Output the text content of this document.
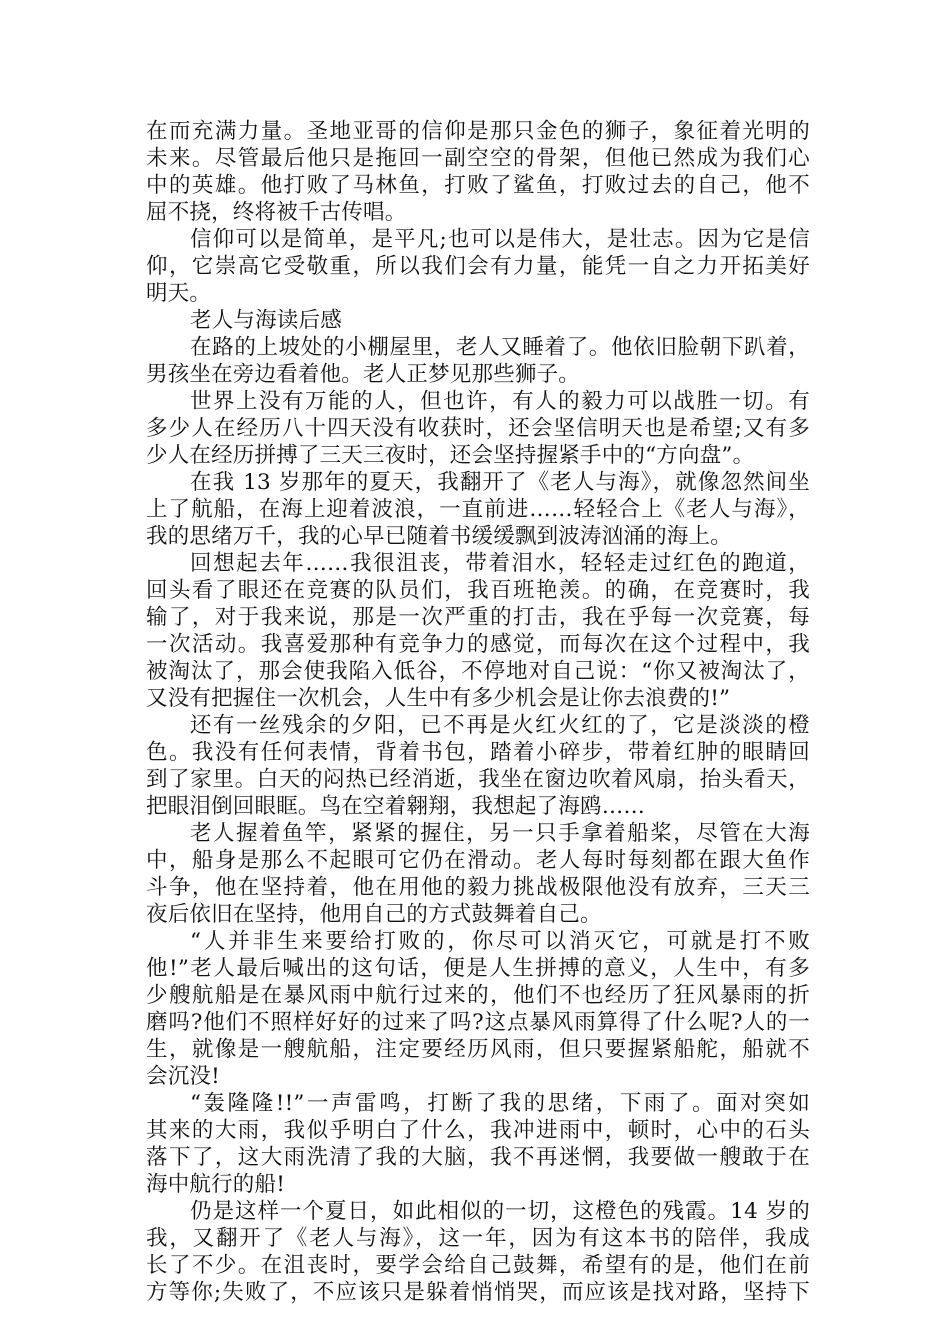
在而充满力量。圣地亚哥的信仰是那只金色的狮子，象征着光明的
未来。尽管最后他只是拖回一副空空的骨架，但他已然成为我们心
中的英雄。他打败了马林鱼，打败了鲨鱼，打败过去的自己，他不
屈不挠，终将被千古传唱。
信仰可以是简单，是平凡;也可以是伟大，是壮志。因为它是信
仰，它崇高它受敬重，所以我们会有力量，能凭一自之力开拓美好
明天。
老人与海读后感
在路的上坡处的小棚屋里，老人又睡着了。他依旧脸朝下趴着，
男孩坐在旁边看着他。老人正梦见那些狮子。
世界上没有万能的人，但也许，有人的毅力可以战胜一切。有
多少人在经历八十四天没有收获时，还会坚信明天也是希望;又有多
少人在经历拼搏了三天三夜时，还会坚持握紧手中的“方向盘”。
在我 13 岁那年的夏天，我翻开了《老人与海》，就像忽然间坐
上了航船，在海上迎着波浪，一直前进……轻轻合上《老人与海》，
我的思绪万千，我的心早已随着书缓缓飘到波涛汹涌的海上。
回想起去年……我很沮丧，带着泪水，轻轻走过红色的跑道，
回头看了眼还在竞赛的队员们，我百班艳羡。的确，在竞赛时，我
输了，对于我来说，那是一次严重的打击，我在乎每一次竞赛，每
一次活动。我喜爱那种有竞争力的感觉，而每次在这个过程中，我
被淘汰了，那会使我陷入低谷，不停地对自己说：“你又被淘汰了，
又没有把握住一次机会，人生中有多少机会是让你去浪费的!”
还有一丝残余的夕阳，已不再是火红火红的了，它是淡淡的橙
色。我没有任何表情，背着书包，踏着小碎步，带着红肿的眼睛回
到了家里。白天的闷热已经消逝，我坐在窗边吹着风扇，抬头看天，
把眼泪倒回眼眶。鸟在空着翱翔，我想起了海鸥……
老人握着鱼竿，紧紧的握住，另一只手拿着船桨，尽管在大海
中，船身是那么不起眼可它仍在滑动。老人每时每刻都在跟大鱼作
斗争，他在坚持着，他在用他的毅力挑战极限他没有放弃，三天三
夜后依旧在坚持，他用自己的方式鼓舞着自己。
“人并非生来要给打败的，你尽可以消灭它，可就是打不败
他!”老人最后喊出的这句话，便是人生拼搏的意义，人生中，有多
少艘航船是在暴风雨中航行过来的，他们不也经历了狂风暴雨的折
磨吗?他们不照样好好的过来了吗?这点暴风雨算得了什么呢?人的一
生，就像是一艘航船，注定要经历风雨，但只要握紧船舵，船就不
会沉没!
“轰隆隆!!”一声雷鸣，打断了我的思绪，下雨了。面对突如
其来的大雨，我似乎明白了什么，我冲进雨中，顿时，心中的石头
落下了，这大雨洗清了我的大脑，我不再迷惘，我要做一艘敢于在
海中航行的船!
仍是这样一个夏日，如此相似的一切，这橙色的残霞。14 岁的
我，又翻开了《老人与海》，这一年，因为有这本书的陪伴，我成
长了不少。在沮丧时，要学会给自己鼓舞，希望有的是，他们在前
方等你;失败了，不应该只是躲着悄悄哭，而应该是找对路，坚持下
